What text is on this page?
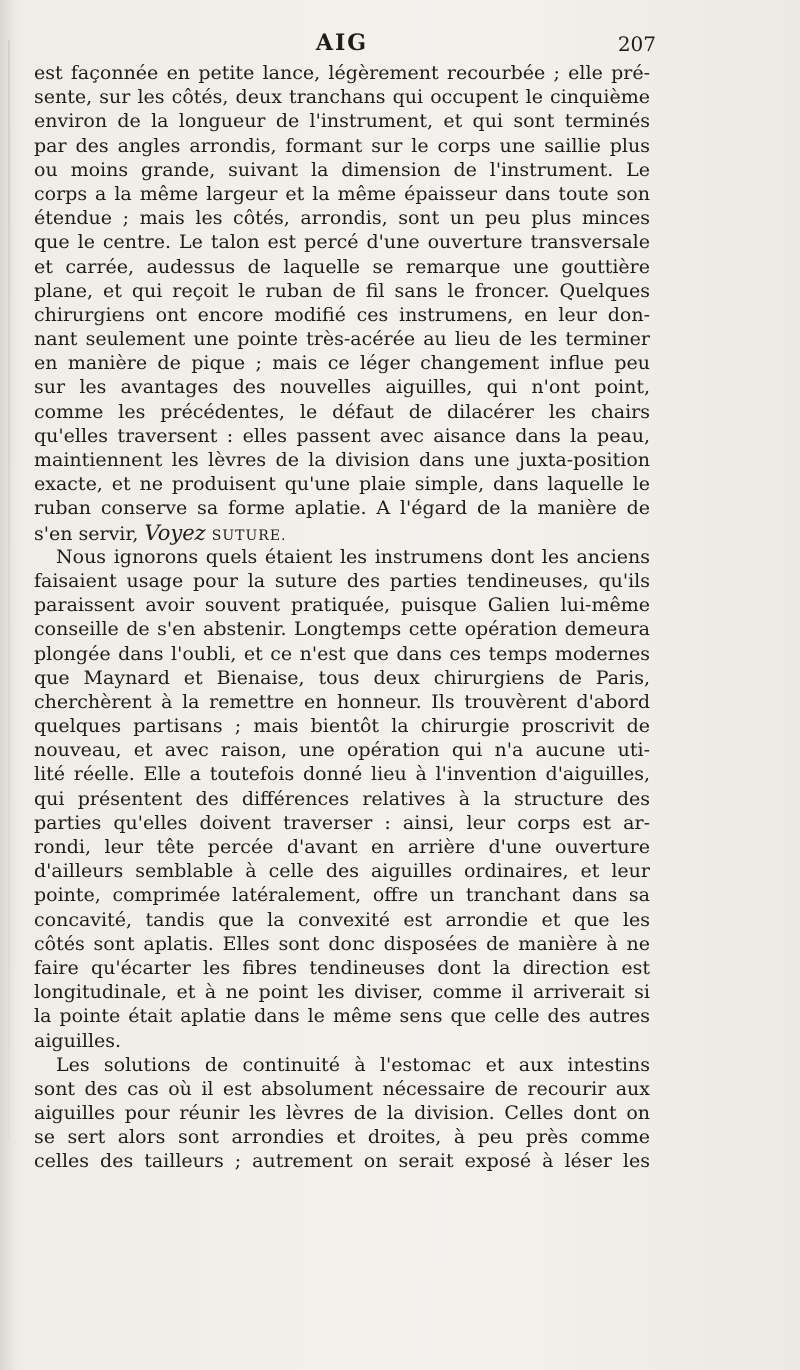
AIG	207
est façonnée en petite lance, légèrement recourbée ; elle pré-
sente, sur les côtés, deux tranchans qui occupent le cinquième
environ de la longueur de l'instrument, et qui sont terminés
par des angles arrondis, formant sur le corps une saillie plus
ou moins grande, suivant la dimension de l'instrument. Le
corps a la même largeur et la même épaisseur dans toute son
étendue ; mais les côtés, arrondis, sont un peu plus minces
que le centre. Le talon est percé d'une ouverture transversale
et carrée, audessus de laquelle se remarque une gouttière
plane, et qui reçoit le ruban de fil sans le froncer. Quelques
chirurgiens ont encore modifié ces instrumens, en leur don-
nant seulement une pointe très-acérée au lieu de les terminer
en manière de pique ; mais ce léger changement influe peu
sur les avantages des nouvelles aiguilles, qui n'ont point,
comme les précédentes, le défaut de dilacérer les chairs
qu'elles traversent : elles passent avec aisance dans la peau,
maintiennent les lèvres de la division dans une juxta-position
exacte, et ne produisent qu'une plaie simple, dans laquelle le
ruban conserve sa forme aplatie. A l'égard de la manière de
s'en servir, Voyez SUTURE.
Nous ignorons quels étaient les instrumens dont les anciens
faisaient usage pour la suture des parties tendineuses, qu'ils
paraissent avoir souvent pratiquée, puisque Galien lui-même
conseille de s'en abstenir. Longtemps cette opération demeura
plongée dans l'oubli, et ce n'est que dans ces temps modernes
que Maynard et Bienaise, tous deux chirurgiens de Paris,
cherchèrent à la remettre en honneur. Ils trouvèrent d'abord
quelques partisans ; mais bientôt la chirurgie proscrivit de
nouveau, et avec raison, une opération qui n'a aucune uti-
lité réelle. Elle a toutefois donné lieu à l'invention d'aiguilles,
qui présentent des différences relatives à la structure des
parties qu'elles doivent traverser : ainsi, leur corps est ar-
rondi, leur tête percée d'avant en arrière d'une ouverture
d'ailleurs semblable à celle des aiguilles ordinaires, et leur
pointe, comprimée latéralement, offre un tranchant dans sa
concavité, tandis que la convexité est arrondie et que les
côtés sont aplatis. Elles sont donc disposées de manière à ne
faire qu'écarter les fibres tendineuses dont la direction est
longitudinale, et à ne point les diviser, comme il arriverait si
la pointe était aplatie dans le même sens que celle des autres
aiguilles.
Les solutions de continuité à l'estomac et aux intestins
sont des cas où il est absolument nécessaire de recourir aux
aiguilles pour réunir les lèvres de la division. Celles dont on
se sert alors sont arrondies et droites, à peu près comme
celles des tailleurs ; autrement on serait exposé à léser les
